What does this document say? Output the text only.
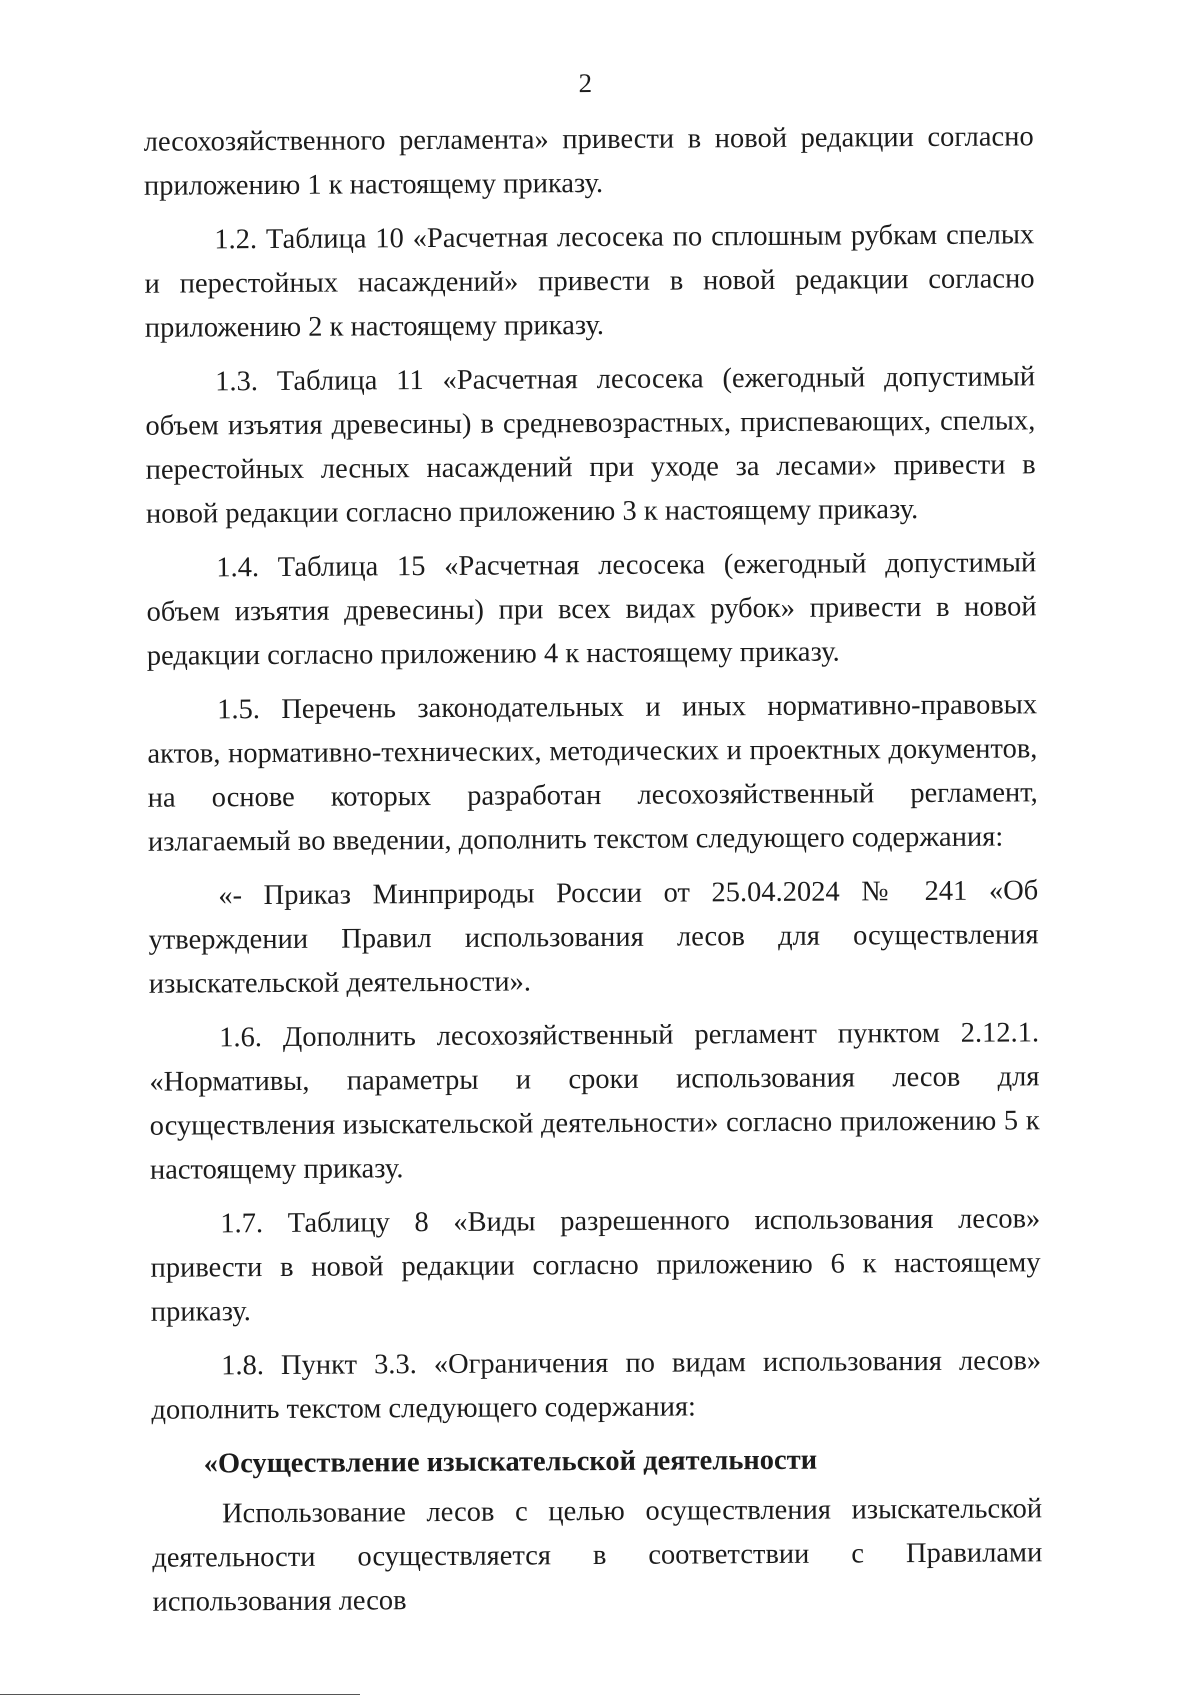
2

лесохозяйственного регламента» привести в новой редакции согласно приложению 1 к настоящему приказу.

1.2. Таблица 10 «Расчетная лесосека по сплошным рубкам спелых и перестойных насаждений» привести в новой редакции согласно приложению 2 к настоящему приказу.

1.3. Таблица 11 «Расчетная лесосека (ежегодный допустимый объем изъятия древесины) в средневозрастных, приспевающих, спелых, перестойных лесных насаждений при уходе за лесами» привести в новой редакции согласно приложению 3 к настоящему приказу.

1.4. Таблица 15 «Расчетная лесосека (ежегодный допустимый объем изъятия древесины) при всех видах рубок» привести в новой редакции согласно приложению 4 к настоящему приказу.

1.5. Перечень законодательных и иных нормативно-правовых актов, нормативно-технических, методических и проектных документов, на основе которых разработан лесохозяйственный регламент, излагаемый во введении, дополнить текстом следующего содержания:

«- Приказ Минприроды России от 25.04.2024 № 241 «Об утверждении Правил использования лесов для осуществления изыскательской деятельности».

1.6. Дополнить лесохозяйственный регламент пунктом 2.12.1. «Нормативы, параметры и сроки использования лесов для осуществления изыскательской деятельности» согласно приложению 5 к настоящему приказу.

1.7. Таблицу 8 «Виды разрешенного использования лесов» привести в новой редакции согласно приложению 6 к настоящему приказу.

1.8. Пункт 3.3. «Ограничения по видам использования лесов» дополнить текстом следующего содержания:

«Осуществление изыскательской деятельности

Использование лесов с целью осуществления изыскательской деятельности осуществляется в соответствии с Правилами использования лесов
